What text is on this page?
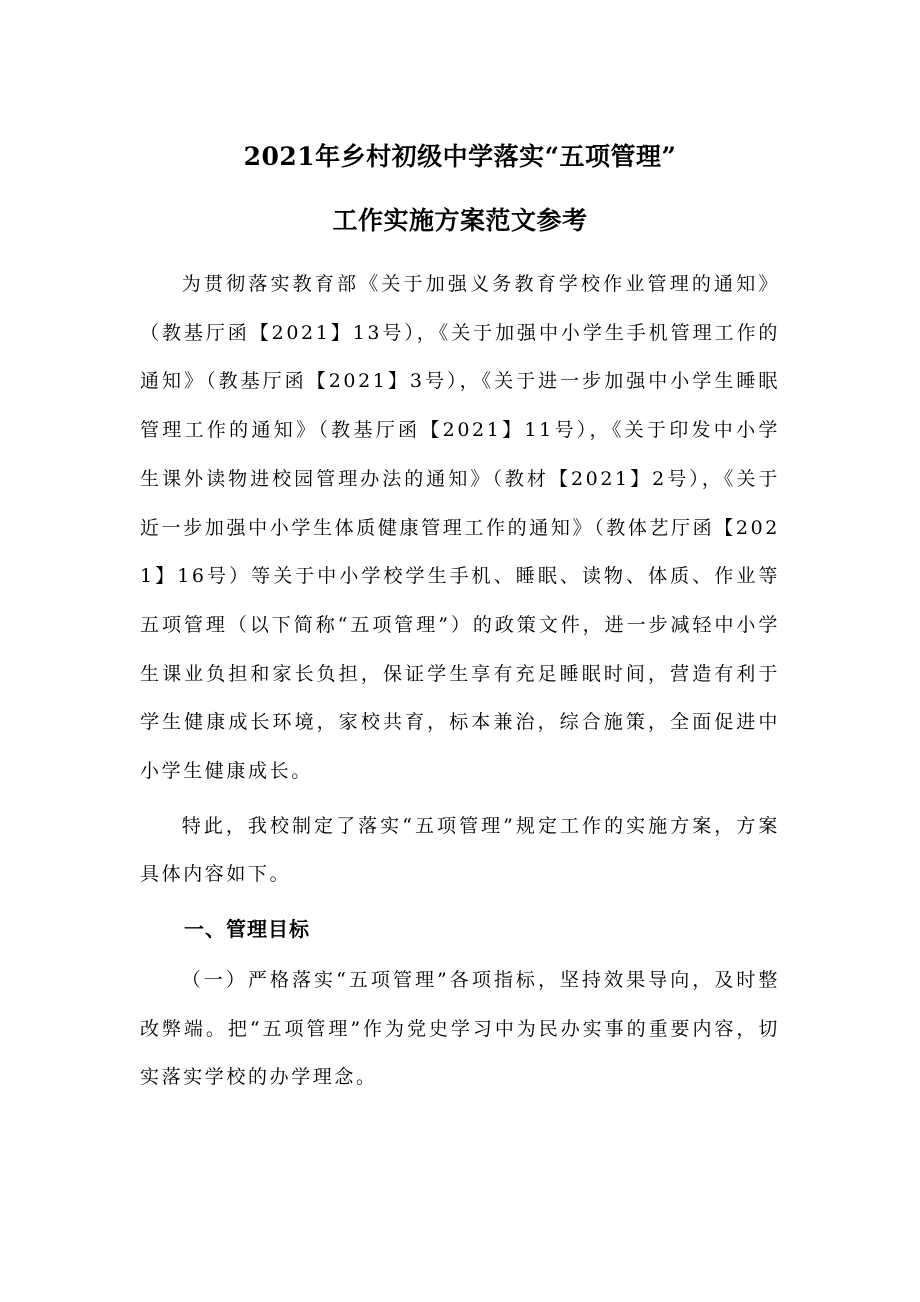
2021年乡村初级中学落实“五项管理”
工作实施方案范文参考

为贯彻落实教育部《关于加强义务教育学校作业管理的通知》（教基厅函【2021】13号），《关于加强中小学生手机管理工作的通知》（教基厅函【2021】3号），《关于进一步加强中小学生睡眠管理工作的通知》（教基厅函【2021】11号），《关于印发中小学生课外读物进校园管理办法的通知》（教材【2021】2号），《关于近一步加强中小学生体质健康管理工作的通知》（教体艺厅函【2021】16号）等关于中小学校学生手机、睡眠、读物、体质、作业等五项管理（以下简称“五项管理”）的政策文件，进一步减轻中小学生课业负担和家长负担，保证学生享有充足睡眠时间，营造有利于学生健康成长环境，家校共育，标本兼治，综合施策，全面促进中小学生健康成长。

特此，我校制定了落实“五项管理”规定工作的实施方案，方案具体内容如下。

一、管理目标

（一）严格落实“五项管理”各项指标，坚持效果导向，及时整改弊端。把“五项管理”作为党史学习中为民办实事的重要内容，切实落实学校的办学理念。
